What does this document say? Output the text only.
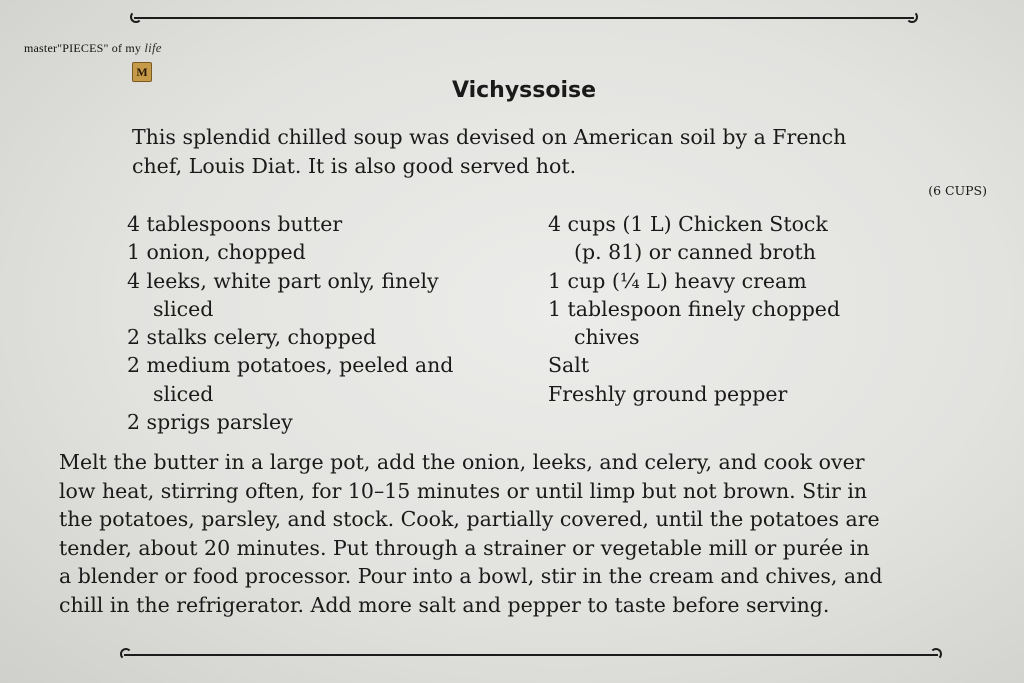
master"PIECES" of my life
M
Vichyssoise
This splendid chilled soup was devised on American soil by a French
chef, Louis Diat. It is also good served hot.
(6 CUPS)
4 tablespoons butter
1 onion, chopped
4 leeks, white part only, finely
sliced
2 stalks celery, chopped
2 medium potatoes, peeled and
sliced
2 sprigs parsley
4 cups (1 L) Chicken Stock
(p. 81) or canned broth
1 cup (¼ L) heavy cream
1 tablespoon finely chopped
chives
Salt
Freshly ground pepper
Melt the butter in a large pot, add the onion, leeks, and celery, and cook over
low heat, stirring often, for 10–15 minutes or until limp but not brown. Stir in
the potatoes, parsley, and stock. Cook, partially covered, until the potatoes are
tender, about 20 minutes. Put through a strainer or vegetable mill or purée in
a blender or food processor. Pour into a bowl, stir in the cream and chives, and
chill in the refrigerator. Add more salt and pepper to taste before serving.
